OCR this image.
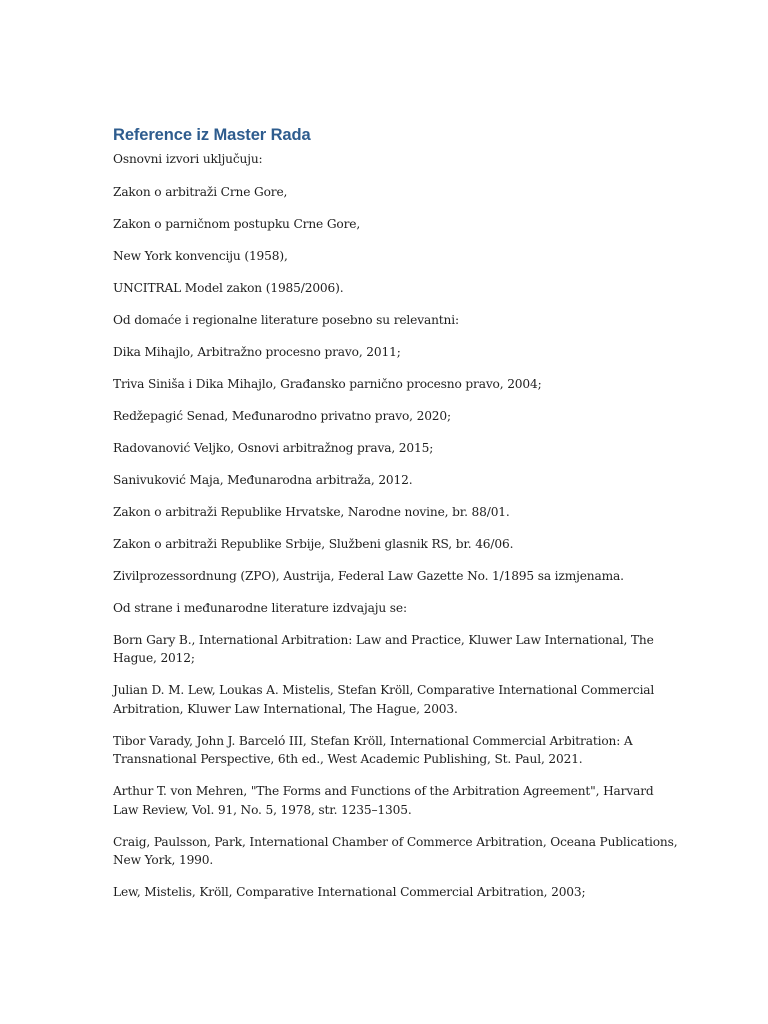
Reference iz Master Rada

Osnovni izvori uključuju:

Zakon o arbitraži Crne Gore,

Zakon o parničnom postupku Crne Gore,

New York konvenciju (1958),

UNCITRAL Model zakon (1985/2006).

Od domaće i regionalne literature posebno su relevantni:

Dika Mihajlo, Arbitražno procesno pravo, 2011;

Triva Siniša i Dika Mihajlo, Građansko parnično procesno pravo, 2004;

Redžepagić Senad, Međunarodno privatno pravo, 2020;

Radovanović Veljko, Osnovi arbitražnog prava, 2015;

Sanivuković Maja, Međunarodna arbitraža, 2012.

Zakon o arbitraži Republike Hrvatske, Narodne novine, br. 88/01.

Zakon o arbitraži Republike Srbije, Službeni glasnik RS, br. 46/06.

Zivilprozessordnung (ZPO), Austrija, Federal Law Gazette No. 1/1895 sa izmjenama.

Od strane i međunarodne literature izdvajaju se:

Born Gary B., International Arbitration: Law and Practice, Kluwer Law International, The
Hague, 2012;

Julian D. M. Lew, Loukas A. Mistelis, Stefan Kröll, Comparative International Commercial
Arbitration, Kluwer Law International, The Hague, 2003.

Tibor Varady, John J. Barceló III, Stefan Kröll, International Commercial Arbitration: A
Transnational Perspective, 6th ed., West Academic Publishing, St. Paul, 2021.

Arthur T. von Mehren, "The Forms and Functions of the Arbitration Agreement", Harvard
Law Review, Vol. 91, No. 5, 1978, str. 1235–1305.

Craig, Paulsson, Park, International Chamber of Commerce Arbitration, Oceana Publications,
New York, 1990.

Lew, Mistelis, Kröll, Comparative International Commercial Arbitration, 2003;
